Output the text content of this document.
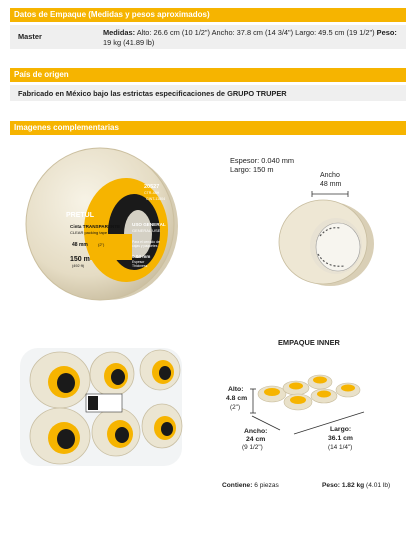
Datos de Empaque (Medidas y pesos aproximados)
Master	Medidas: Alto: 26.6 cm (10 1/2") Ancho: 37.8 cm (14 3/4") Largo: 49.5 cm (19 1/2") Peso: 19 kg (41.89 lb)
País de origen
Fabricado en México bajo las estrictas especificaciones de GRUPO TRUPER
Imagenes complementarias
PRETUL
20527
CTR-48H
CINT-11804
Cinta TRANSPARENTE
CLEAR packing tape
48 mm	(2")
150 m
(492 ft)
USO GENERAL
GENERAL USE
Para el cerrado de cajas y paquetes
0.04 mm
Espesor
Thickness
Espesor: 0.040 mm
Largo: 150 m
Ancho
48 mm
EMPAQUE INNER
Alto:
4.8 cm
(2")
Ancho:
24 cm
(9 1/2")
Largo:
36.1 cm
(14 1/4")
Contiene: 6 piezas	Peso: 1.82 kg (4.01 lb)
